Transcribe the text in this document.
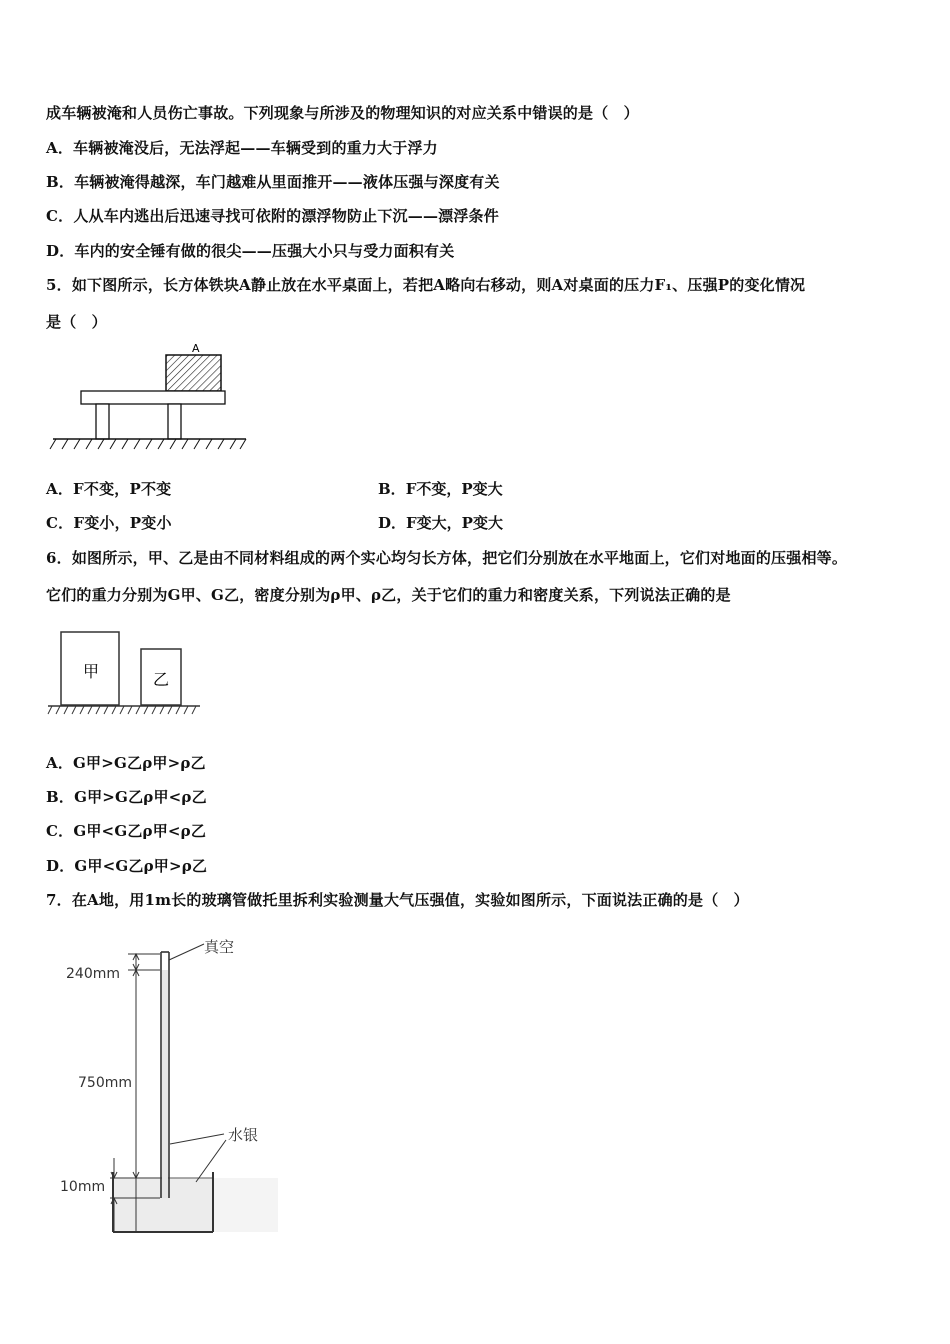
成车辆被淹和人员伤亡事故。下列现象与所涉及的物理知识的对应关系中错误的是（　）
A．车辆被淹没后，无法浮起——车辆受到的重力大于浮力
B．车辆被淹得越深，车门越难从里面推开——液体压强与深度有关
C．人从车内逃出后迅速寻找可依附的漂浮物防止下沉——漂浮条件
D．车内的安全锤有做的很尖——压强大小只与受力面积有关
5．如下图所示，长方体铁块A静止放在水平桌面上，若把A略向右移动，则A对桌面的压力F₁、压强P的变化情况
是（　）
A
A．F不变，P不变	B．F不变，P变大
C．F变小，P变小	D．F变大，P变大
6．如图所示，甲、乙是由不同材料组成的两个实心均匀长方体，把它们分别放在水平地面上，它们对地面的压强相等。
它们的重力分别为G甲、G乙，密度分别为ρ甲、ρ乙，关于它们的重力和密度关系，下列说法正确的是
甲	乙
A．G甲>G乙ρ甲>ρ乙
B．G甲>G乙ρ甲<ρ乙
C．G甲<G乙ρ甲<ρ乙
D．G甲<G乙ρ甲>ρ乙
7．在A地，用1m长的玻璃管做托里拆利实验测量大气压强值，实验如图所示，下面说法正确的是（　）
240mm
750mm
10mm
真空
水银
